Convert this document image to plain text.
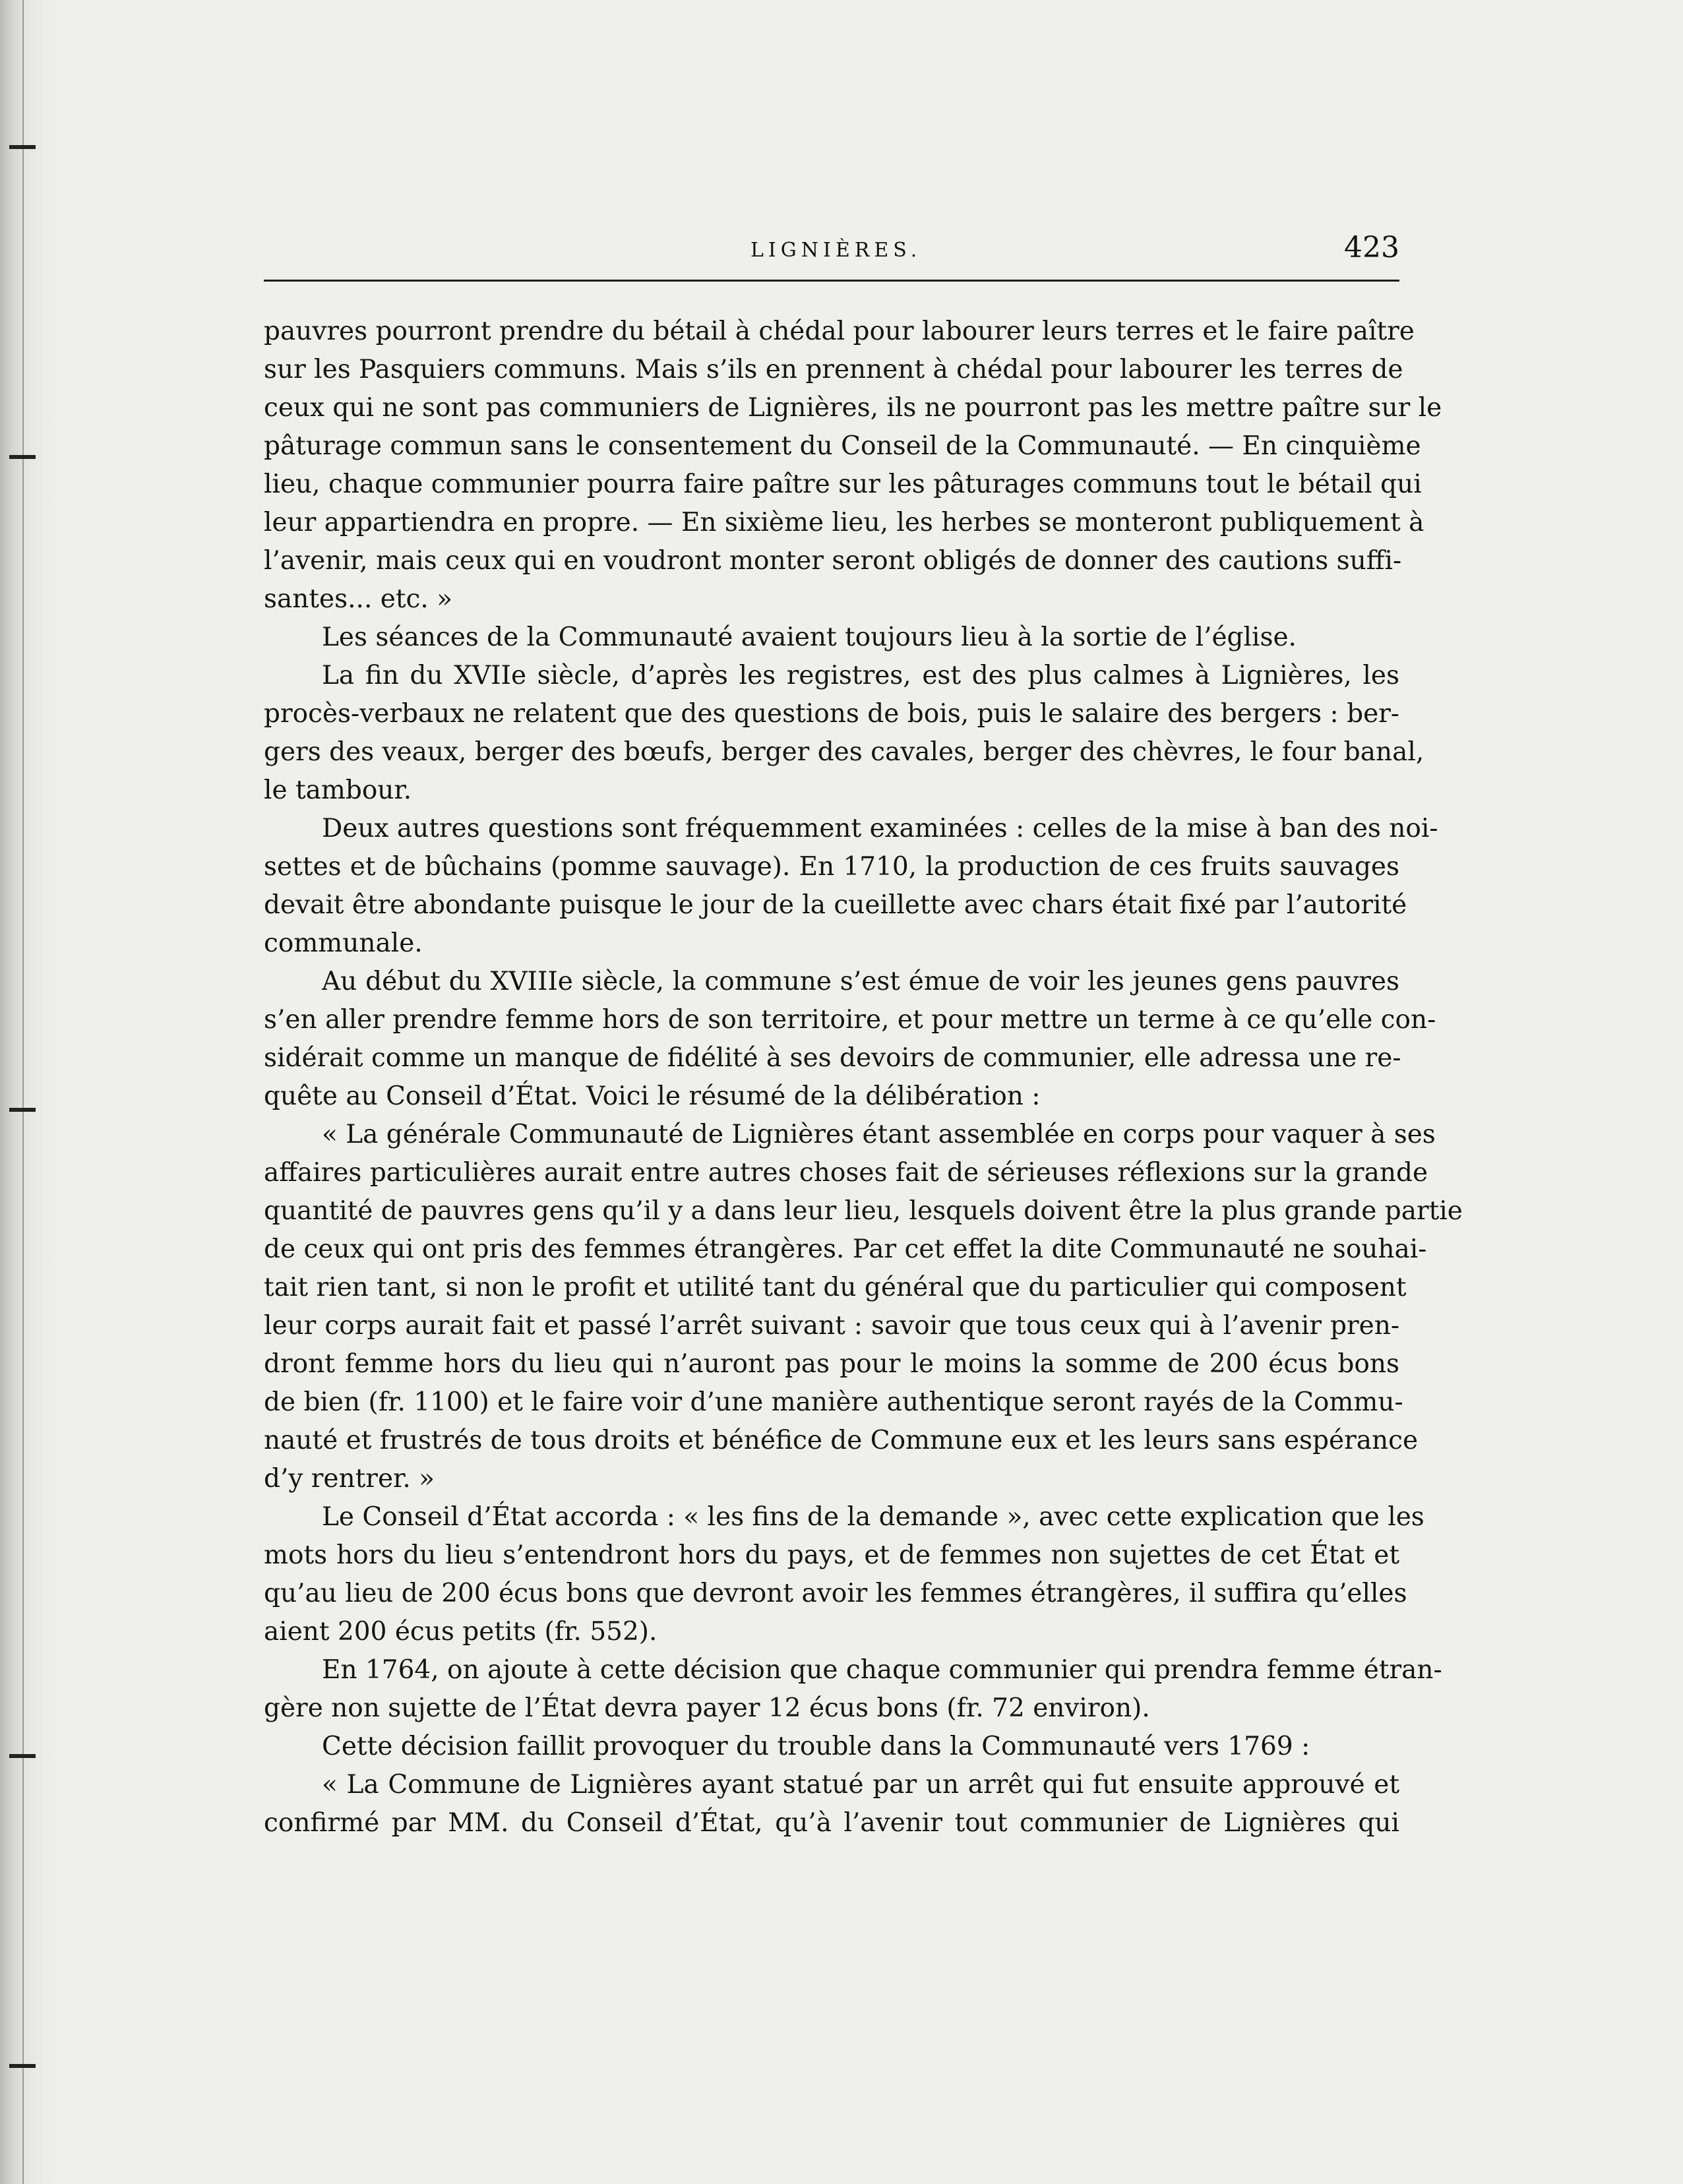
LIGNIÈRES.	423
pauvres pourront prendre du bétail à chédal pour labourer leurs terres et le faire paître
sur les Pasquiers communs. Mais s’ils en prennent à chédal pour labourer les terres de
ceux qui ne sont pas communiers de Lignières, ils ne pourront pas les mettre paître sur le
pâturage commun sans le consentement du Conseil de la Communauté. — En cinquième
lieu, chaque communier pourra faire paître sur les pâturages communs tout le bétail qui
leur appartiendra en propre. — En sixième lieu, les herbes se monteront publiquement à
l’avenir, mais ceux qui en voudront monter seront obligés de donner des cautions suffi-
santes... etc. »
Les séances de la Communauté avaient toujours lieu à la sortie de l’église.
La fin du XVIIe siècle, d’après les registres, est des plus calmes à Lignières, les
procès-verbaux ne relatent que des questions de bois, puis le salaire des bergers : ber-
gers des veaux, berger des bœufs, berger des cavales, berger des chèvres, le four banal,
le tambour.
Deux autres questions sont fréquemment examinées : celles de la mise à ban des noi-
settes et de bûchains (pomme sauvage). En 1710, la production de ces fruits sauvages
devait être abondante puisque le jour de la cueillette avec chars était fixé par l’autorité
communale.
Au début du XVIIIe siècle, la commune s’est émue de voir les jeunes gens pauvres
s’en aller prendre femme hors de son territoire, et pour mettre un terme à ce qu’elle con-
sidérait comme un manque de fidélité à ses devoirs de communier, elle adressa une re-
quête au Conseil d’État. Voici le résumé de la délibération :
« La générale Communauté de Lignières étant assemblée en corps pour vaquer à ses
affaires particulières aurait entre autres choses fait de sérieuses réflexions sur la grande
quantité de pauvres gens qu’il y a dans leur lieu, lesquels doivent être la plus grande partie
de ceux qui ont pris des femmes étrangères. Par cet effet la dite Communauté ne souhai-
tait rien tant, si non le profit et utilité tant du général que du particulier qui composent
leur corps aurait fait et passé l’arrêt suivant : savoir que tous ceux qui à l’avenir pren-
dront femme hors du lieu qui n’auront pas pour le moins la somme de 200 écus bons
de bien (fr. 1100) et le faire voir d’une manière authentique seront rayés de la Commu-
nauté et frustrés de tous droits et bénéfice de Commune eux et les leurs sans espérance
d’y rentrer. »
Le Conseil d’État accorda : « les fins de la demande », avec cette explication que les
mots hors du lieu s’entendront hors du pays, et de femmes non sujettes de cet État et
qu’au lieu de 200 écus bons que devront avoir les femmes étrangères, il suffira qu’elles
aient 200 écus petits (fr. 552).
En 1764, on ajoute à cette décision que chaque communier qui prendra femme étran-
gère non sujette de l’État devra payer 12 écus bons (fr. 72 environ).
Cette décision faillit provoquer du trouble dans la Communauté vers 1769 :
« La Commune de Lignières ayant statué par un arrêt qui fut ensuite approuvé et
confirmé par MM. du Conseil d’État, qu’à l’avenir tout communier de Lignières qui
